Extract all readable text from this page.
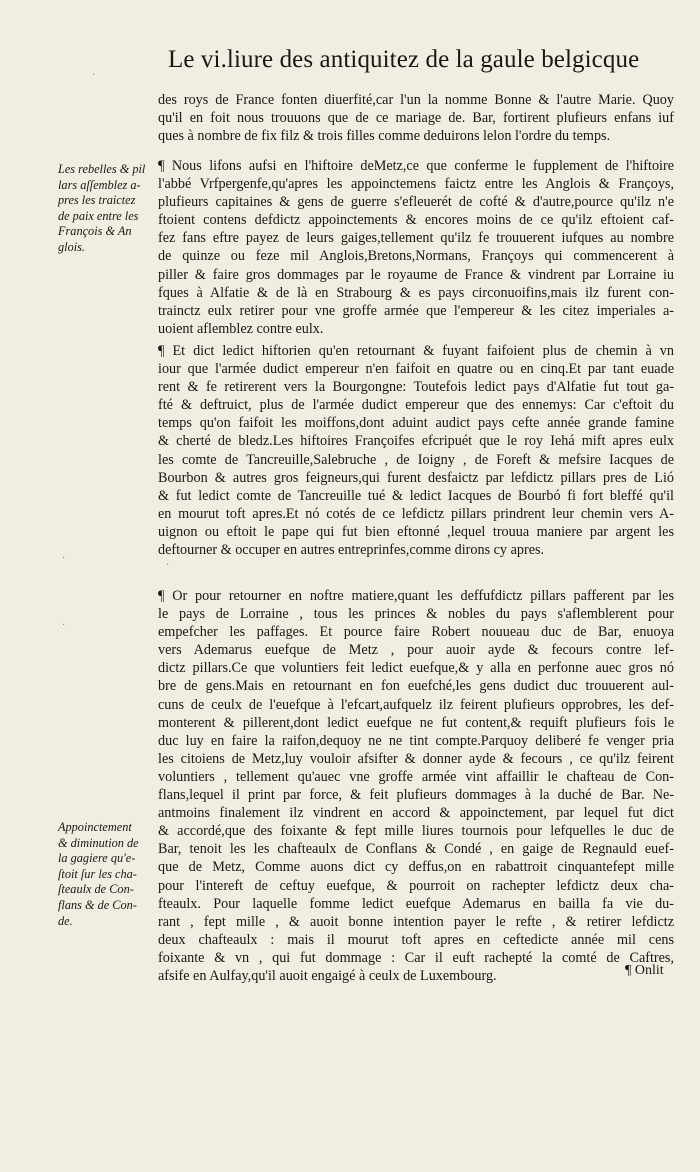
Le vi.liure des antiquitez de la gaule belgicque
des roys de France fonten diuerfité,car l'un la nomme Bonne & l'autre Marie. Quoy
qu'il en foit nous trouuons que de ce mariage de. Bar, fortirent plufieurs enfans iuf
ques à nombre de fix filz & trois filles comme deduirons lelon l'ordre du temps.
¶ Nous lifons aufsi en l'hiftoire deMetz,ce que conferme le fupplement de l'hiftoire
l'abbé Vrfpergenfe,qu'apres les appoinctemens faictz entre les Anglois & Françoys,
plufieurs capitaines & gens de guerre s'efleuerét de cofté & d'autre,pource qu'ilz n'e
ftoient contens defdictz appoinctements & encores moins de ce qu'ilz eftoient caf-
fez fans eftre payez de leurs gaiges,tellement qu'ilz fe trouuerent iufques au nombre
de quinze ou feze mil Anglois,Bretons,Normans, Françoys qui commencerent à
piller & faire gros dommages par le royaume de France & vindrent par Lorraine iu
fques à Alfatie & de là en Strabourg & es pays circonuoifins,mais ilz furent con-
trainctz eulx retirer pour vne groffe armée que l'empereur & les citez imperiales a-
uoient aflemblez contre eulx.
¶ Et dict ledict hiftorien qu'en retournant & fuyant faifoient plus de chemin à vn
iour que l'armée dudict empereur n'en faifoit en quatre ou en cinq.Et par tant euade
rent & fe retirerent vers la Bourgongne: Toutefois ledict pays d'Alfatie fut tout ga-
fté & deftruict, plus de l'armée dudict empereur que des ennemys: Car c'eftoit du
temps qu'on faifoit les moiffons,dont aduint audict pays cefte année grande famine
& cherté de bledz.Les hiftoires Françoifes efcripuét que le roy Iehá mift apres eulx
les comte de Tancreuille,Salebruche , de Ioigny , de Foreft & mefsire Iacques de
Bourbon & autres gros feigneurs,qui furent desfaictz par lefdictz pillars pres de Lió
& fut ledict comte de Tancreuille tué & ledict Iacques de Bourbó fi fort bleffé qu'il
en mourut toft apres.Et nó cotés de ce lefdictz pillars prindrent leur chemin vers A-
uignon ou eftoit le pape qui fut bien eftonné ,lequel trouua maniere par argent les
deftourner & occuper en autres entreprinfes,comme dirons cy apres.
¶ Or pour retourner en noftre matiere,quant les deffufdictz pillars pafferent par les
le pays de Lorraine , tous les princes & nobles du pays s'aflemblerent pour
empefcher les paffages. Et pource faire Robert nouueau duc de Bar, enuoya
vers Ademarus euefque de Metz , pour auoir ayde & fecours contre lef-
dictz pillars.Ce que voluntiers feit ledict euefque,& y alla en perfonne auec gros nó
bre de gens.Mais en retournant en fon euefché,les gens dudict duc trouuerent aul-
cuns de ceulx de l'euefque à l'efcart,aufquelz ilz feirent plufieurs opprobres, les def-
monterent & pillerent,dont ledict euefque ne fut content,& requift plufieurs fois le
duc luy en faire la raifon,dequoy ne ne tint compte.Parquoy deliberé fe venger pria
les citoiens de Metz,luy vouloir afsifter & donner ayde & fecours , ce qu'ilz feirent
voluntiers , tellement qu'auec vne groffe armée vint affaillir le chafteau de Con-
flans,lequel il print par force, & feit plufieurs dommages à la duché de Bar. Ne-
antmoins finalement ilz vindrent en accord & appoinctement, par lequel fut dict
& accordé,que des foixante & fept mille liures tournois pour lefquelles le duc de
Bar, tenoit les les chafteaulx de Conflans & Condé , en gaige de Regnauld euef-
que de Metz, Comme auons dict cy deffus,on en rabattroit cinquantefept mille
pour l'intereft de ceftuy euefque, & pourroit on rachepter lefdictz deux cha-
fteaulx. Pour laquelle fomme ledict euefque Ademarus en bailla fa vie du-
rant , fept mille , & auoit bonne intention payer le refte , & retirer lefdictz
deux chafteaulx : mais il mourut toft apres en ceftedicte année mil cens
foixante & vn , qui fut dommage : Car il euft rachepté la comté de Caftres,
afsife en Aulfay,qu'il auoit engaigé à ceulx de Luxembourg.
Les rebelles & pil
lars aſſemblez a-
pres les traictez
de paix entre les
François & An
glois.
Appoinctement
& diminution de
la gagiere qu'e-
ſtoit ſur les cha-
ſteaulx de Con-
flans & de Con-
de.
¶ Onlit
·
·
·
·
